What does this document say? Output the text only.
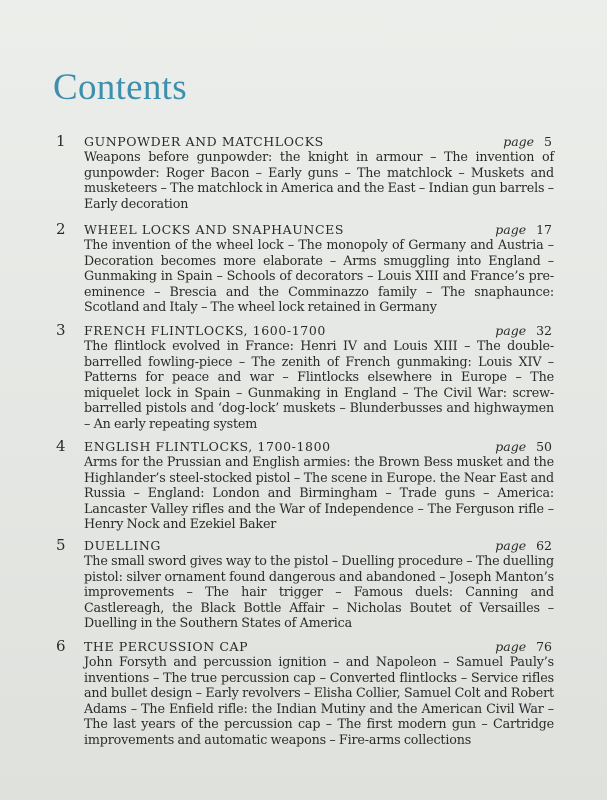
Contents
1 GUNPOWDER AND MATCHLOCKS	page 5

Weapons before gunpowder: the knight in armour – The invention of gunpowder: Roger Bacon – Early guns – The matchlock – Muskets and musketeers – The matchlock in America and the East – Indian gun barrels – Early decoration

2 WHEEL LOCKS AND SNAPHAUNCES	page 17

The invention of the wheel lock – The monopoly of Germany and Austria – Decoration becomes more elaborate – Arms smuggling into England – Gunmaking in Spain – Schools of decorators – Louis XIII and France’s pre-eminence – Brescia and the Comminazzo family – The snaphaunce: Scotland and Italy – The wheel lock retained in Germany

3 FRENCH FLINTLOCKS, 1600-1700	page 32

The flintlock evolved in France: Henri IV and Louis XIII – The double-barrelled fowling-piece – The zenith of French gunmaking: Louis XIV – Patterns for peace and war – Flintlocks elsewhere in Europe – The miquelet lock in Spain – Gunmaking in England – The Civil War: screw-barrelled pistols and ‘dog-lock’ muskets – Blunderbusses and highwaymen – An early repeating system

4 ENGLISH FLINTLOCKS, 1700-1800	page 50

Arms for the Prussian and English armies: the Brown Bess musket and the Highlander’s steel-stocked pistol – The scene in Europe. the Near East and Russia – England: London and Birmingham – Trade guns – America: Lancaster Valley rifles and the War of Independence – The Ferguson rifle – Henry Nock and Ezekiel Baker

5 DUELLING	page 62

The small sword gives way to the pistol – Duelling procedure – The duelling pistol: silver ornament found dangerous and abandoned – Joseph Manton’s improvements – The hair trigger – Famous duels: Canning and Castlereagh, the Black Bottle Affair – Nicholas Boutet of Versailles – Duelling in the Southern States of America

6 THE PERCUSSION CAP	page 76

John Forsyth and percussion ignition – and Napoleon – Samuel Pauly’s inventions – The true percussion cap – Converted flintlocks – Service rifles and bullet design – Early revolvers – Elisha Collier, Samuel Colt and Robert Adams – The Enfield rifle: the Indian Mutiny and the American Civil War – The last years of the percussion cap – The first modern gun – Cartridge improvements and automatic weapons – Fire-arms collections
